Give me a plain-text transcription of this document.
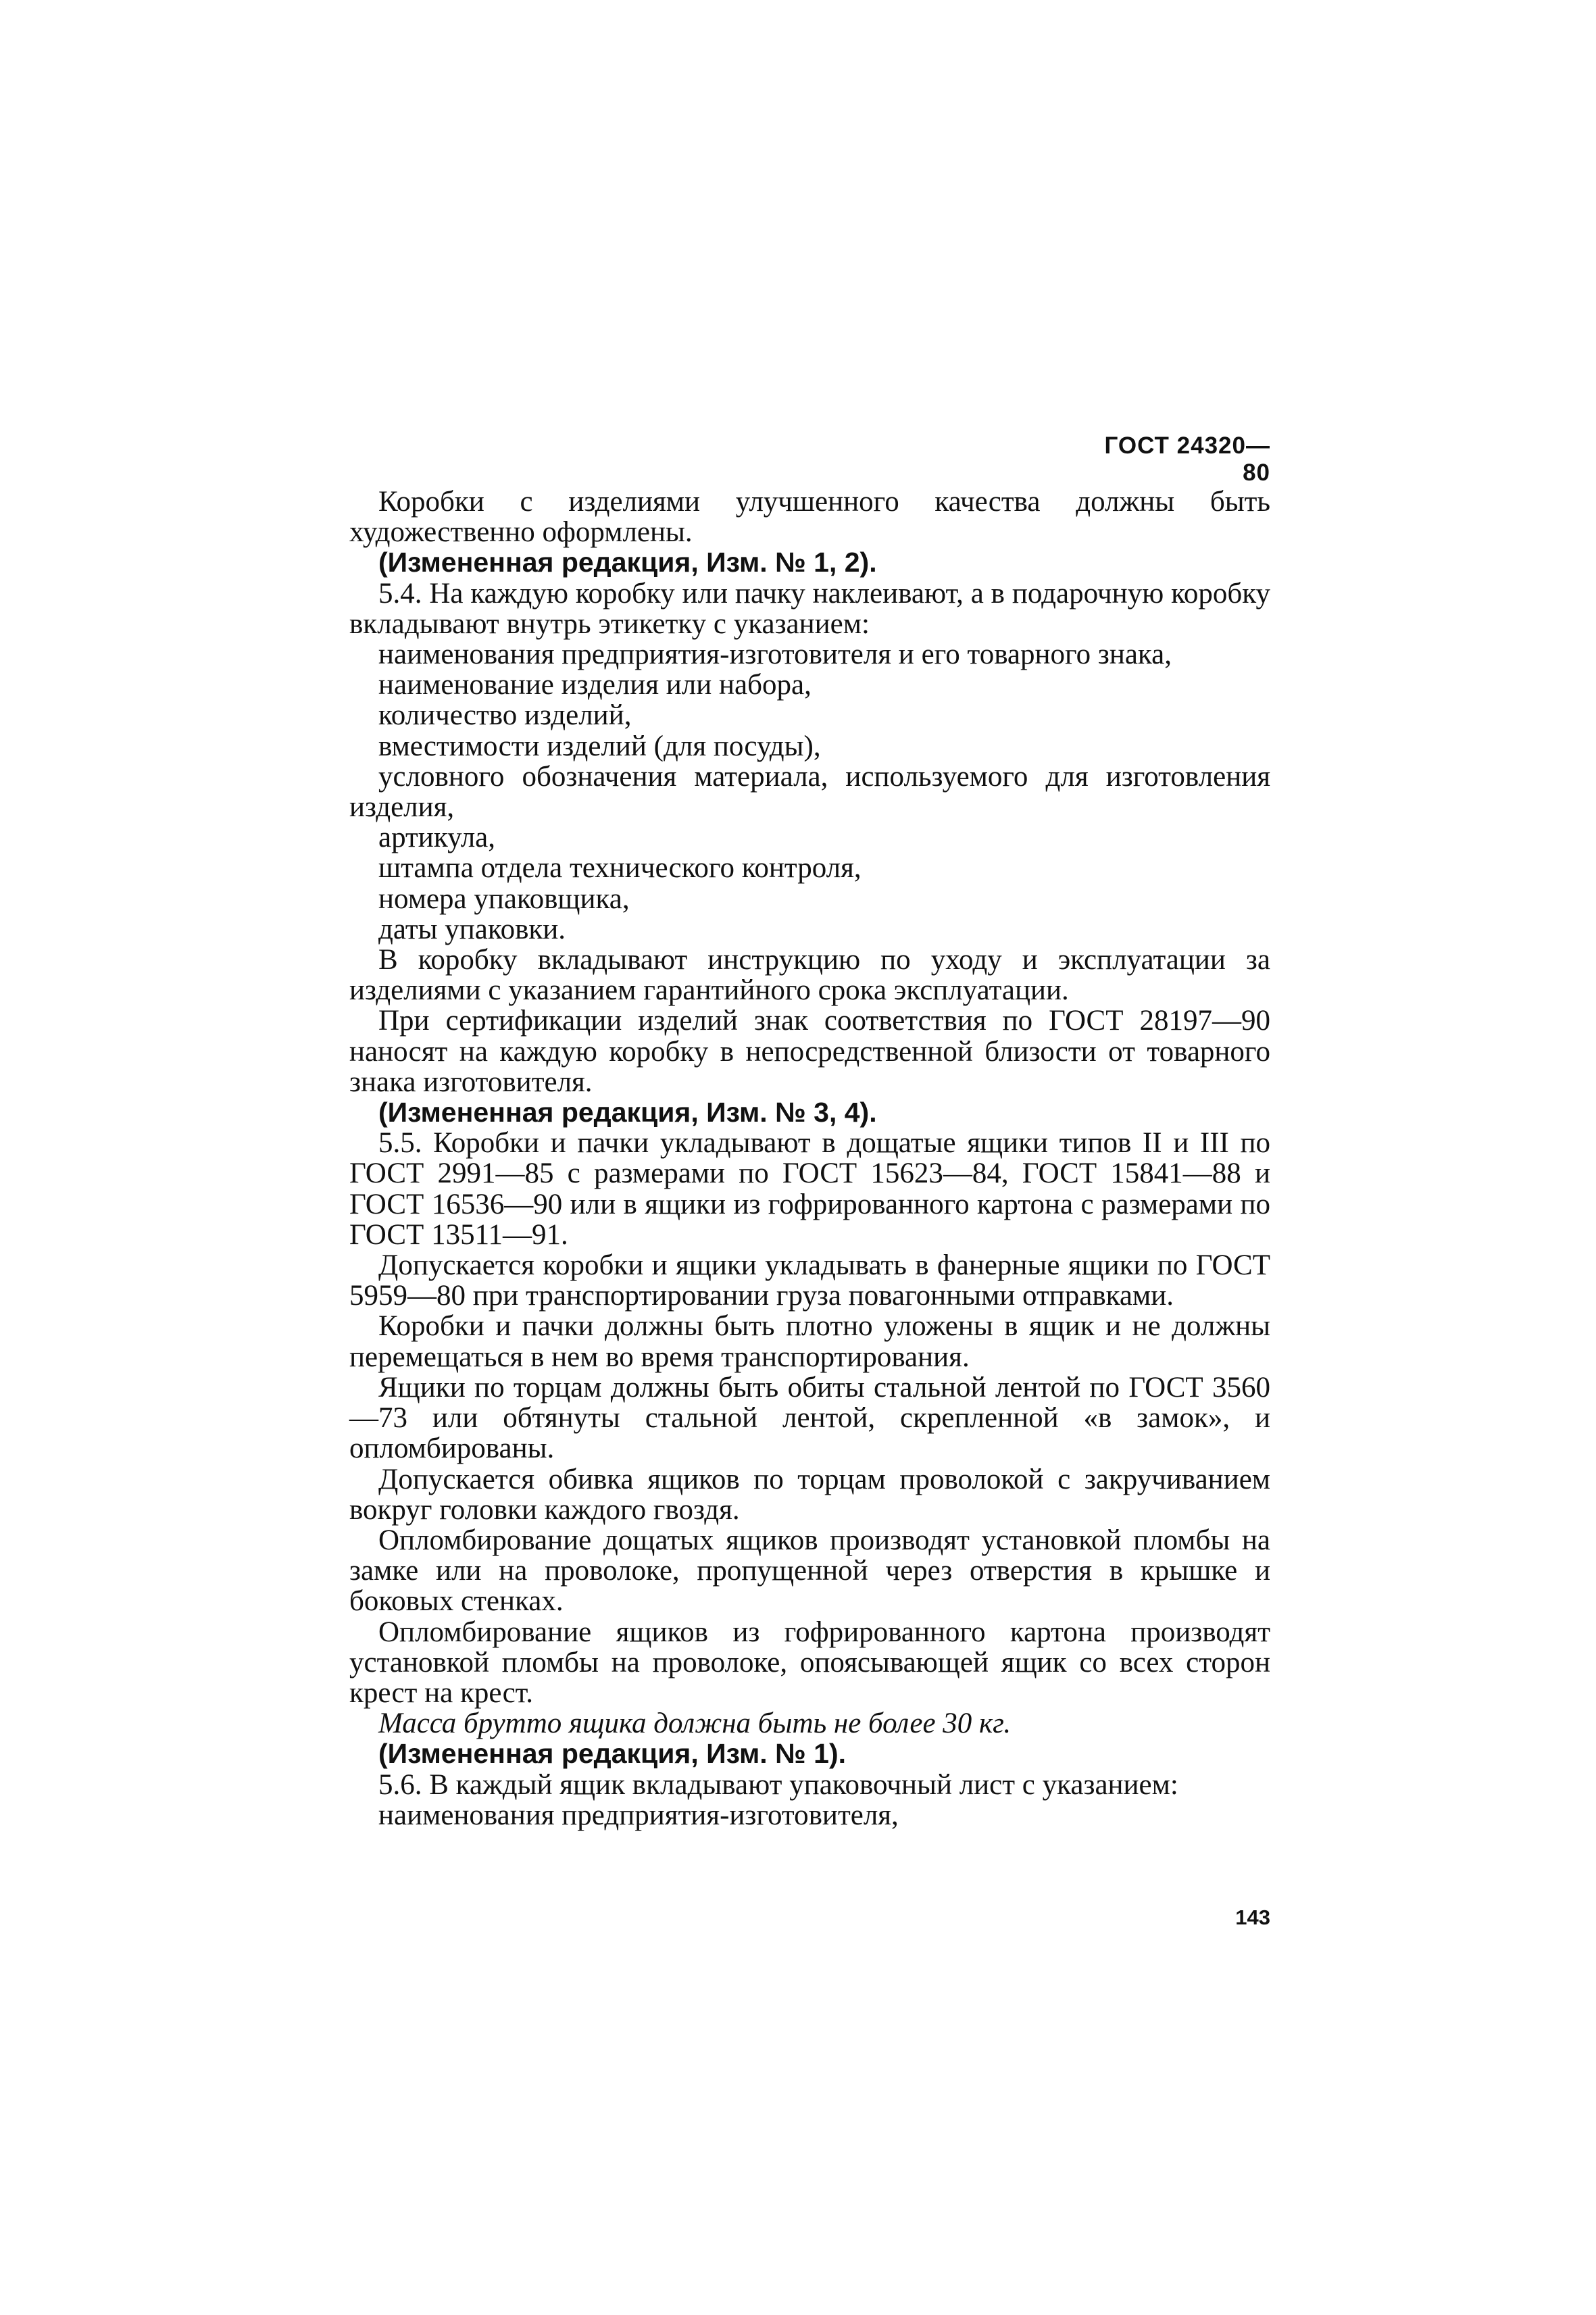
ГОСТ 24320—80

Коробки с изделиями улучшенного качества должны быть художественно оформлены.

(Измененная редакция, Изм. № 1, 2).

5.4. На каждую коробку или пачку наклеивают, а в подарочную коробку вкладывают внутрь этикетку с указанием:

наименования предприятия-изготовителя и его товарного знака,

наименование изделия или набора,

количество изделий,

вместимости изделий (для посуды),

условного обозначения материала, используемого для изготовления изделия,

артикула,

штампа отдела технического контроля,

номера упаковщика,

даты упаковки.

В коробку вкладывают инструкцию по уходу и эксплуатации за изделиями с указанием гарантийного срока эксплуатации.

При сертификации изделий знак соответствия по ГОСТ 28197—90 наносят на каждую коробку в непосредственной близости от товарного знака изготовителя.

(Измененная редакция, Изм. № 3, 4).

5.5. Коробки и пачки укладывают в дощатые ящики типов II и III по ГОСТ 2991—85 с размерами по ГОСТ 15623—84, ГОСТ 15841—88 и ГОСТ 16536—90 или в ящики из гофрированного картона с размерами по ГОСТ 13511—91.

Допускается коробки и ящики укладывать в фанерные ящики по ГОСТ 5959—80 при транспортировании груза повагонными отправками.

Коробки и пачки должны быть плотно уложены в ящик и не должны перемещаться в нем во время транспортирования.

Ящики по торцам должны быть обиты стальной лентой по ГОСТ 3560—73 или обтянуты стальной лентой, скрепленной «в замок», и опломбированы.

Допускается обивка ящиков по торцам проволокой с закручиванием вокруг головки каждого гвоздя.

Опломбирование дощатых ящиков производят установкой пломбы на замке или на проволоке, пропущенной через отверстия в крышке и боковых стенках.

Опломбирование ящиков из гофрированного картона производят установкой пломбы на проволоке, опоясывающей ящик со всех сторон крест на крест.

Масса брутто ящика должна быть не более 30 кг.

(Измененная редакция, Изм. № 1).

5.6. В каждый ящик вкладывают упаковочный лист с указанием:

наименования предприятия-изготовителя,

143
